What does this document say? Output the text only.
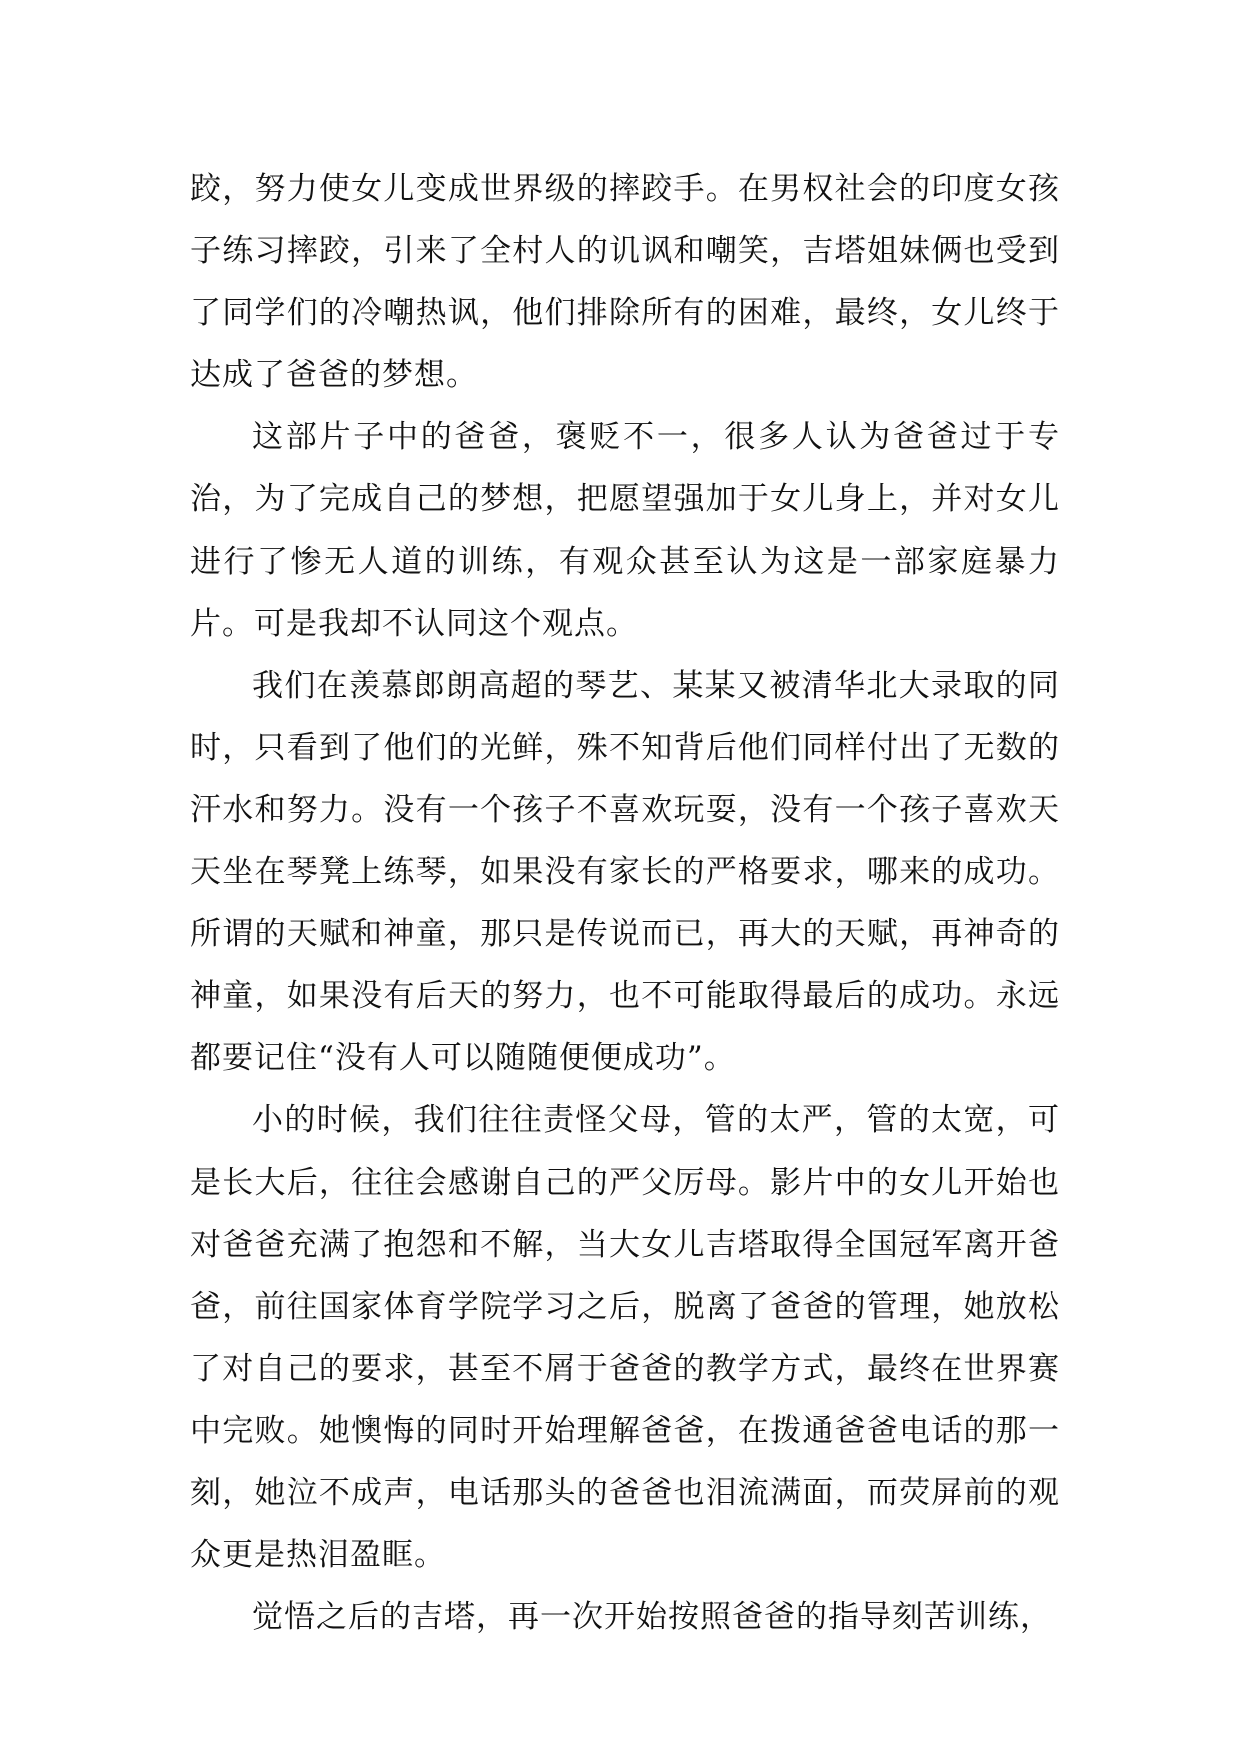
跤，努力使女儿变成世界级的摔跤手。在男权社会的印度女孩子练习摔跤，引来了全村人的讥讽和嘲笑，吉塔姐妹俩也受到了同学们的冷嘲热讽，他们排除所有的困难，最终，女儿终于达成了爸爸的梦想。

这部片子中的爸爸，褒贬不一，很多人认为爸爸过于专治，为了完成自己的梦想，把愿望强加于女儿身上，并对女儿进行了惨无人道的训练，有观众甚至认为这是一部家庭暴力片。可是我却不认同这个观点。

我们在羡慕郎朗高超的琴艺、某某又被清华北大录取的同时，只看到了他们的光鲜，殊不知背后他们同样付出了无数的汗水和努力。没有一个孩子不喜欢玩耍，没有一个孩子喜欢天天坐在琴凳上练琴，如果没有家长的严格要求，哪来的成功。所谓的天赋和神童，那只是传说而已，再大的天赋，再神奇的神童，如果没有后天的努力，也不可能取得最后的成功。永远都要记住“没有人可以随随便便成功”。

小的时候，我们往往责怪父母，管的太严，管的太宽，可是长大后，往往会感谢自己的严父厉母。影片中的女儿开始也对爸爸充满了抱怨和不解，当大女儿吉塔取得全国冠军离开爸爸，前往国家体育学院学习之后，脱离了爸爸的管理，她放松了对自己的要求，甚至不屑于爸爸的教学方式，最终在世界赛中完败。她懊悔的同时开始理解爸爸，在拨通爸爸电话的那一刻，她泣不成声，电话那头的爸爸也泪流满面，而荧屏前的观众更是热泪盈眶。

觉悟之后的吉塔，再一次开始按照爸爸的指导刻苦训练，
